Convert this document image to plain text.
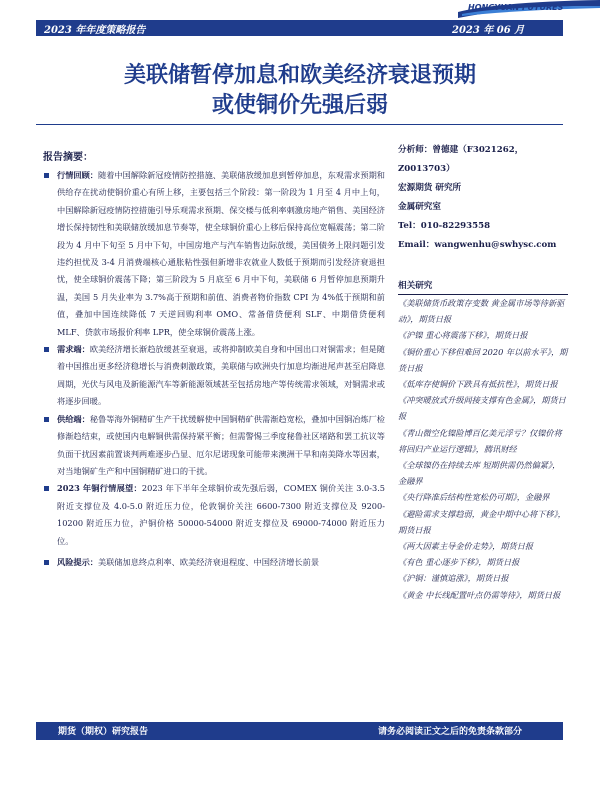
HONGYUAN FUTURES
2023 年年度策略报告	2023 年 06 月
美联储暂停加息和欧美经济衰退预期
或使铜价先强后弱
报告摘要：
行情回顾：随着中国解除新冠疫情防控措施、美联储放缓加息到暂停加息，东观需求预期和供给存在扰动使铜价重心有所上移，主要包括三个阶段：第一阶段为 1 月至 4 月中上旬，中国解除新冠疫情防控措施引导乐观需求预期、保交楼与低利率刺激房地产销售、美国经济增长保持韧性和美联储放缓加息节奏等，使全球铜价重心上移后保持高位宽幅震荡；第二阶段为 4 月中下旬至 5 月中下旬，中国房地产与汽车销售边际放缓，美国债务上限问题引发违约担忧及 3-4 月消费端核心通胀粘性强但新增非农就业人数低于预期而引发经济衰退担忧，使全球铜价震荡下降；第三阶段为 5 月底至 6 月中下旬，美联储 6 月暂停加息预期升温，美国 5 月失业率为 3.7%高于预期和前值、消费者物价指数 CPI 为 4%低于预期和前值，叠加中国连续降低 7 天逆回购利率 OMO、常备借贷便利 SLF、中期借贷便利 MLF、贷款市场报价利率 LPR，使全球铜价震荡上涨。
需求端：欧美经济增长渐趋放缓甚至衰退，或将抑制欧美自身和中国出口对铜需求；但是随着中国推出更多经济稳增长与消费刺激政策，美联储与欧洲央行加息均渐进尾声甚至启降息周期，光伏与风电及新能源汽车等新能源领域甚至包括房地产等传统需求领域，对铜需求或将逐步回暖。
供给端：秘鲁等海外铜精矿生产干扰缓解使中国铜精矿供需渐趋宽松，叠加中国铜冶炼厂检修渐趋结束，或使国内电解铜供需保持紧平衡；但需警惕三季度秘鲁社区堵路和罢工抗议等负面干扰因素前置谈判两难逐步凸显、厄尔尼诺现象可能带来澳洲干旱和南美降水等因素，对当地铜矿生产和中国铜精矿进口的干扰。
2023 年铜行情展望：2023 年下半年全球铜价或先强后弱，COMEX 铜价关注 3.0-3.5 附近支撑位及 4.0-5.0 附近压力位，伦敦铜价关注 6600-7300 附近支撑位及 9200-10200 附近压力位，沪铜价格 50000-54000 附近支撑位及 69000-74000 附近压力位。
风险提示：美联储加息终点利率、欧美经济衰退程度、中国经济增长前景
分析师：曾德建（F3021262，Z0013703）
宏源期货 研究所
金属研究室
Tel：010-82293558
Email：wangwenhu@swhysc.com
相关研究
《美联储货币政策存变数 黄金属市场等待新驱动》，期货日报
《沪镍 重心将震荡下移》，期货日报
《铜价重心下移但难回 2020 年以前水平》，期货日报
《低库存使铜价下跌具有抵抗性》，期货日报
《冲突暖放式升级间接支撑有色金属》，期货日报
《青山微空化镍险博百亿美元浮亏？仅镍价将将回归产业运行逻辑》，腾讯财经
《全球镍仍在持续去库 短期供需仍然偏紧》，金融界
《央行降准后结构性宽松仍可期》，金融界
《避险需求支撑趋弱，黄金中期中心将下移》，期货日报
《两大因素主导金价走势》，期货日报
《有色 重心逐步下移》，期货日报
《沪铜：谨慎追涨》，期货日报
《黄金 中长线配置叶点仍需等待》，期货日报
期货（期权）研究报告	请务必阅读正文之后的免责条款部分
